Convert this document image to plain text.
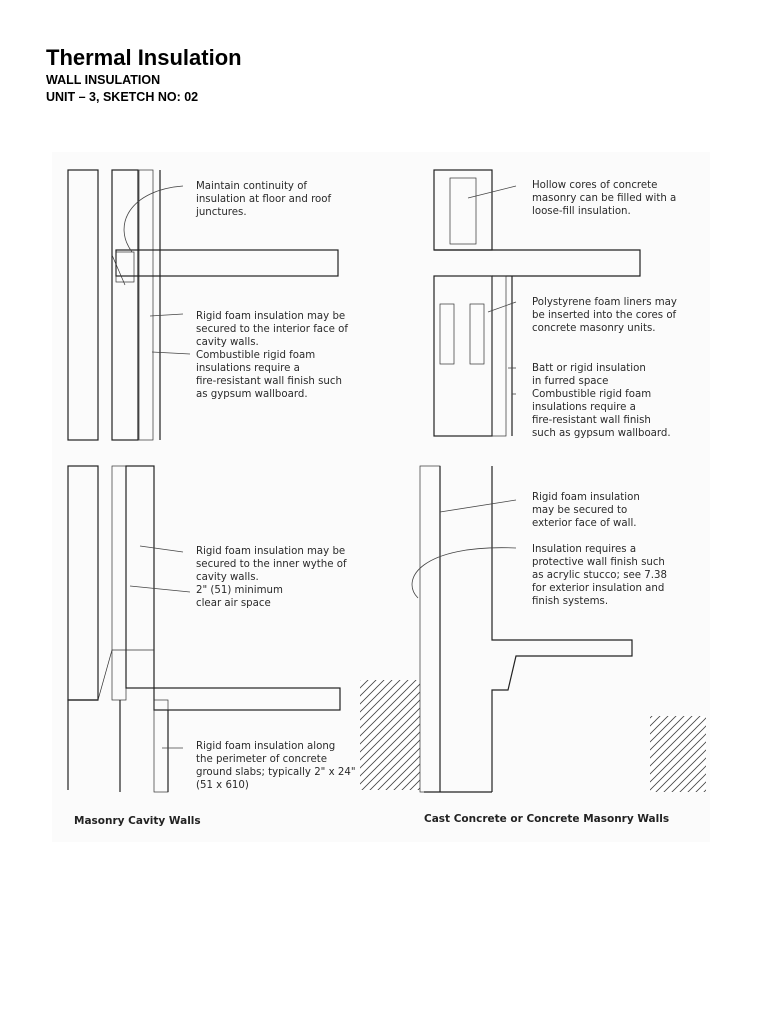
Thermal Insulation

WALL INSULATION

UNIT – 3, SKETCH NO: 02

Maintain continuity of insulation at floor and roof junctures.
Rigid foam insulation may be secured to the interior face of cavity walls. Combustible rigid foam insulations require a fire-resistant wall finish such as gypsum wallboard.
Hollow cores of concrete masonry can be filled with a loose-fill insulation.
Polystyrene foam liners may be inserted into the cores of concrete masonry units.
Batt or rigid insulation in furred space Combustible rigid foam insulations require a fire-resistant wall finish such as gypsum wallboard.
Rigid foam insulation may be secured to the inner wythe of cavity walls. 2" (51) minimum clear air space
Rigid foam insulation along the perimeter of concrete ground slabs; typically 2" x 24" (51 x 610)
Rigid foam insulation may be secured to exterior face of wall.
Insulation requires a protective wall finish such as acrylic stucco; see 7.38 for exterior insulation and finish systems.
Masonry Cavity Walls	Cast Concrete or Concrete Masonry Walls
